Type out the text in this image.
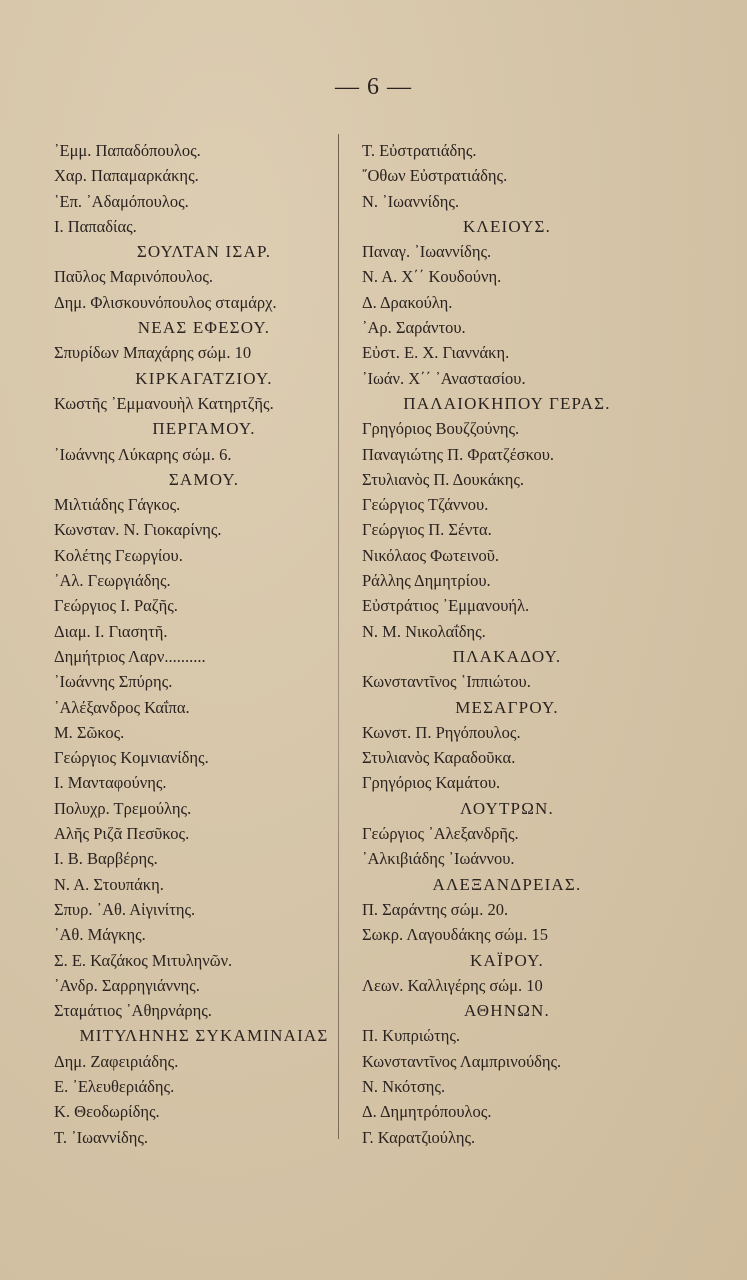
— 6 —
᾿Εμμ. Παπαδόπουλος.
Χαρ. Παπαμαρκάκης.
῾Επ. ᾿Αδαμόπουλος.
Ι. Παπαδίας.
ΣΟΥΛΤΑΝ ΙΣΑΡ.
Παῦλος Μαρινόπουλος.
Δημ. Φλισκουνόπουλος σταμάρχ.
ΝΕΑΣ ΕΦΕΣΟΥ.
Σπυρίδων Μπαχάρης σώμ. 10
ΚΙΡΚΑΓΑΤΖΙΟΥ.
Κωστῆς ᾿Εμμανουὴλ Κατηρτζῆς.
ΠΕΡΓΑΜΟΥ.
᾿Ιωάννης Λύκαρης σώμ. 6.
ΣΑΜΟΥ.
Μιλτιάδης Γάγκος.
Κωνσταν. Ν. Γιοκαρίνης.
Κολέτης Γεωργίου.
᾿Αλ. Γεωργιάδης.
Γεώργιος Ι. Ραζῆς.
Διαμ. Ι. Γιασητῆ.
Δημήτριος Λαρν..........
᾿Ιωάννης Σπύρης.
᾿Αλέξανδρος Καΐπα.
Μ. Σῶκος.
Γεώργιος Κομνιανίδης.
Ι. Μανταφούνης.
Πολυχρ. Τρεμούλης.
Αλῆς Ριζᾶ Πεσῦκος.
Ι. Β. Βαρβέρης.
Ν. Α. Στουπάκη.
Σπυρ. ᾿Αθ. Αἰγινίτης.
᾿Αθ. Μάγκης.
Σ. Ε. Καζάκος Μιτυληνῶν.
᾿Ανδρ. Σαρρηγιάννης.
Σταμάτιος ᾿Αθηρνάρης.
ΜΙΤΥΛΗΝΗΣ ΣΥΚΑΜΙΝΑΙΑΣ
Δημ. Ζαφειριάδης.
Ε. ᾿Ελευθεριάδης.
Κ. Θεοδωρίδης.
Τ. ᾿Ιωαννίδης.
Τ. Εὐστρατιάδης.
῎Οθων Εὐστρατιάδης.
Ν. ᾿Ιωαννίδης.
ΚΛΕΙΟΥΣ.
Παναγ. ᾿Ιωαννίδης.
Ν. Α. Χ΄΄ Κουδούνη.
Δ. Δρακούλη.
᾿Αρ. Σαράντου.
Εὐστ. Ε. Χ. Γιαννάκη.
᾿Ιωάν. Χ΄΄ ᾿Αναστασίου.
ΠΑΛΑΙΟΚΗΠΟΥ ΓΕΡΑΣ.
Γρηγόριος Βουζζούνης.
Παναγιώτης Π. Φρατζέσκου.
Στυλιανὸς Π. Δουκάκης.
Γεώργιος Τζάννου.
Γεώργιος Π. Σέντα.
Νικόλαος Φωτεινοῦ.
Ράλλης Δημητρίου.
Εὐστράτιος ᾿Εμμανουήλ.
Ν. Μ. Νικολαΐδης.
ΠΛΑΚΑΔΟΥ.
Κωνσταντῖνος ῾Ιππιώτου.
ΜΕΣΑΓΡΟΥ.
Κωνστ. Π. Ρηγόπουλος.
Στυλιανὸς Καραδοῦκα.
Γρηγόριος Καμάτου.
ΛΟΥΤΡΩΝ.
Γεώργιος ᾿Αλεξανδρῆς.
᾿Αλκιβιάδης ᾿Ιωάννου.
ΑΛΕΞΑΝΔΡΕΙΑΣ.
Π. Σαράντης σώμ. 20.
Σωκρ. Λαγουδάκης σώμ. 15
ΚΑΪΡΟΥ.
Λεων. Καλλιγέρης σώμ. 10
ΑΘΗΝΩΝ.
Π. Κυπριώτης.
Κωνσταντῖνος Λαμπρινούδης.
Ν. Νκότσης.
Δ. Δημητρόπουλος.
Γ. Καρατζιούλης.
